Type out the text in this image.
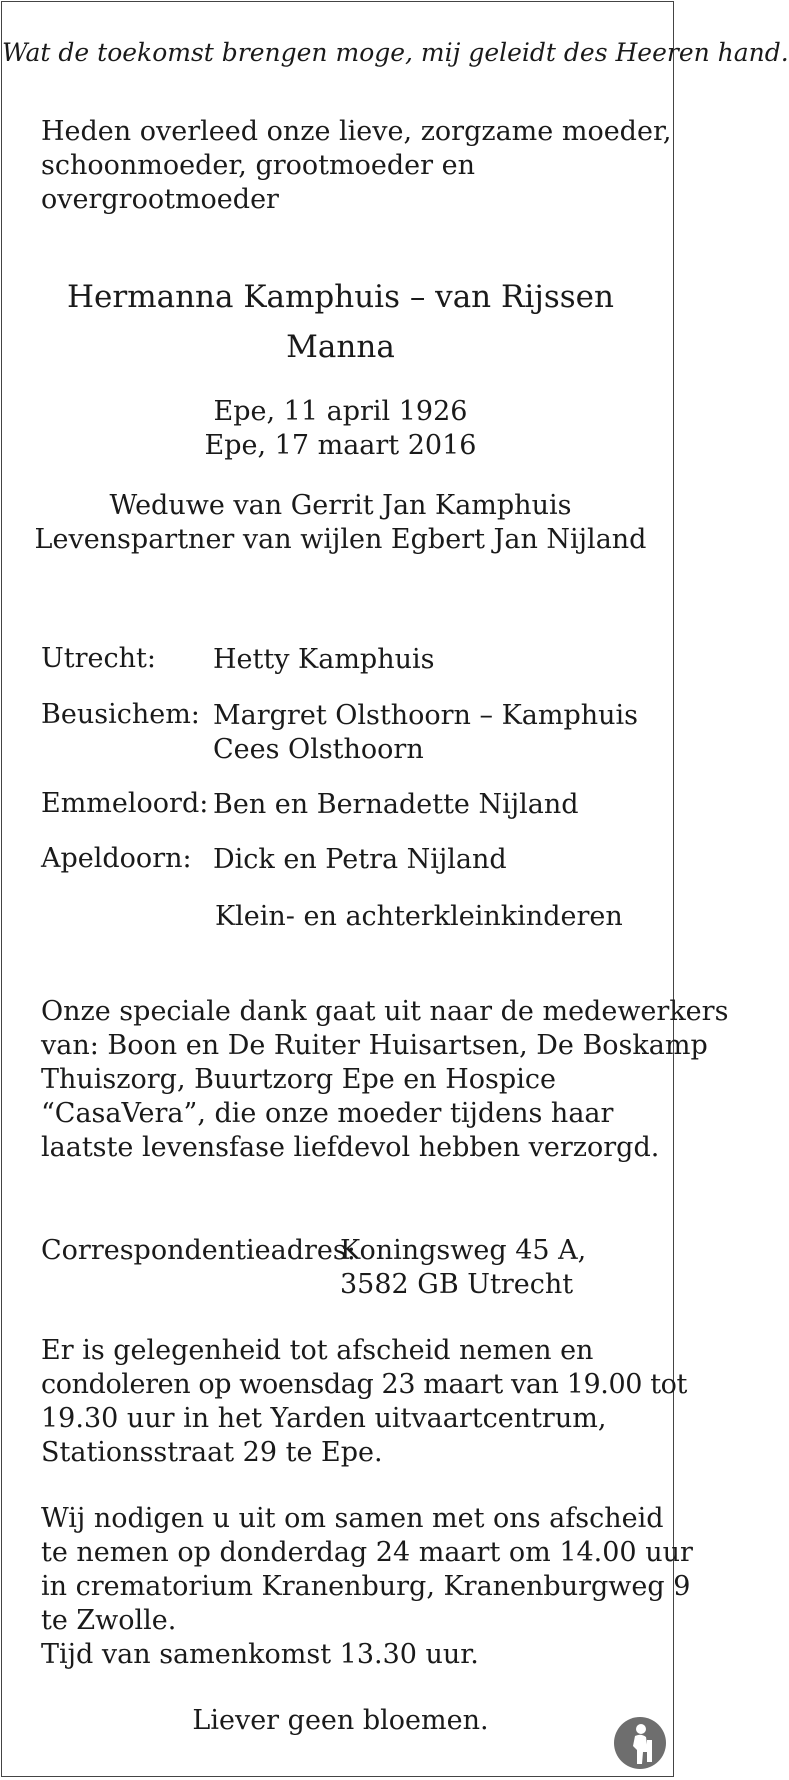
Wat de toekomst brengen moge, mij geleidt des Heeren hand.
Heden overleed onze lieve, zorgzame moeder,
schoonmoeder, grootmoeder en
overgrootmoeder
Hermanna Kamphuis – van Rijssen
Manna
Epe, 11 april 1926
Epe, 17 maart 2016
Weduwe van Gerrit Jan Kamphuis
Levenspartner van wijlen Egbert Jan Nijland
Utrecht: Hetty Kamphuis
Beusichem: Margret Olsthoorn – Kamphuis
Cees Olsthoorn
Emmeloord: Ben en Bernadette Nijland
Apeldoorn: Dick en Petra Nijland
Klein- en achterkleinkinderen
Onze speciale dank gaat uit naar de medewerkers
van: Boon en De Ruiter Huisartsen, De Boskamp
Thuiszorg, Buurtzorg Epe en Hospice
“CasaVera”, die onze moeder tijdens haar
laatste levensfase liefdevol hebben verzorgd.
Correspondentieadres:
Koningsweg 45 A,
3582 GB Utrecht
Er is gelegenheid tot afscheid nemen en
condoleren op woensdag 23 maart van 19.00 tot
19.30 uur in het Yarden uitvaartcentrum,
Stationsstraat 29 te Epe.
Wij nodigen u uit om samen met ons afscheid
te nemen op donderdag 24 maart om 14.00 uur
in crematorium Kranenburg, Kranenburgweg 9
te Zwolle.
Tijd van samenkomst 13.30 uur.
Liever geen bloemen.
